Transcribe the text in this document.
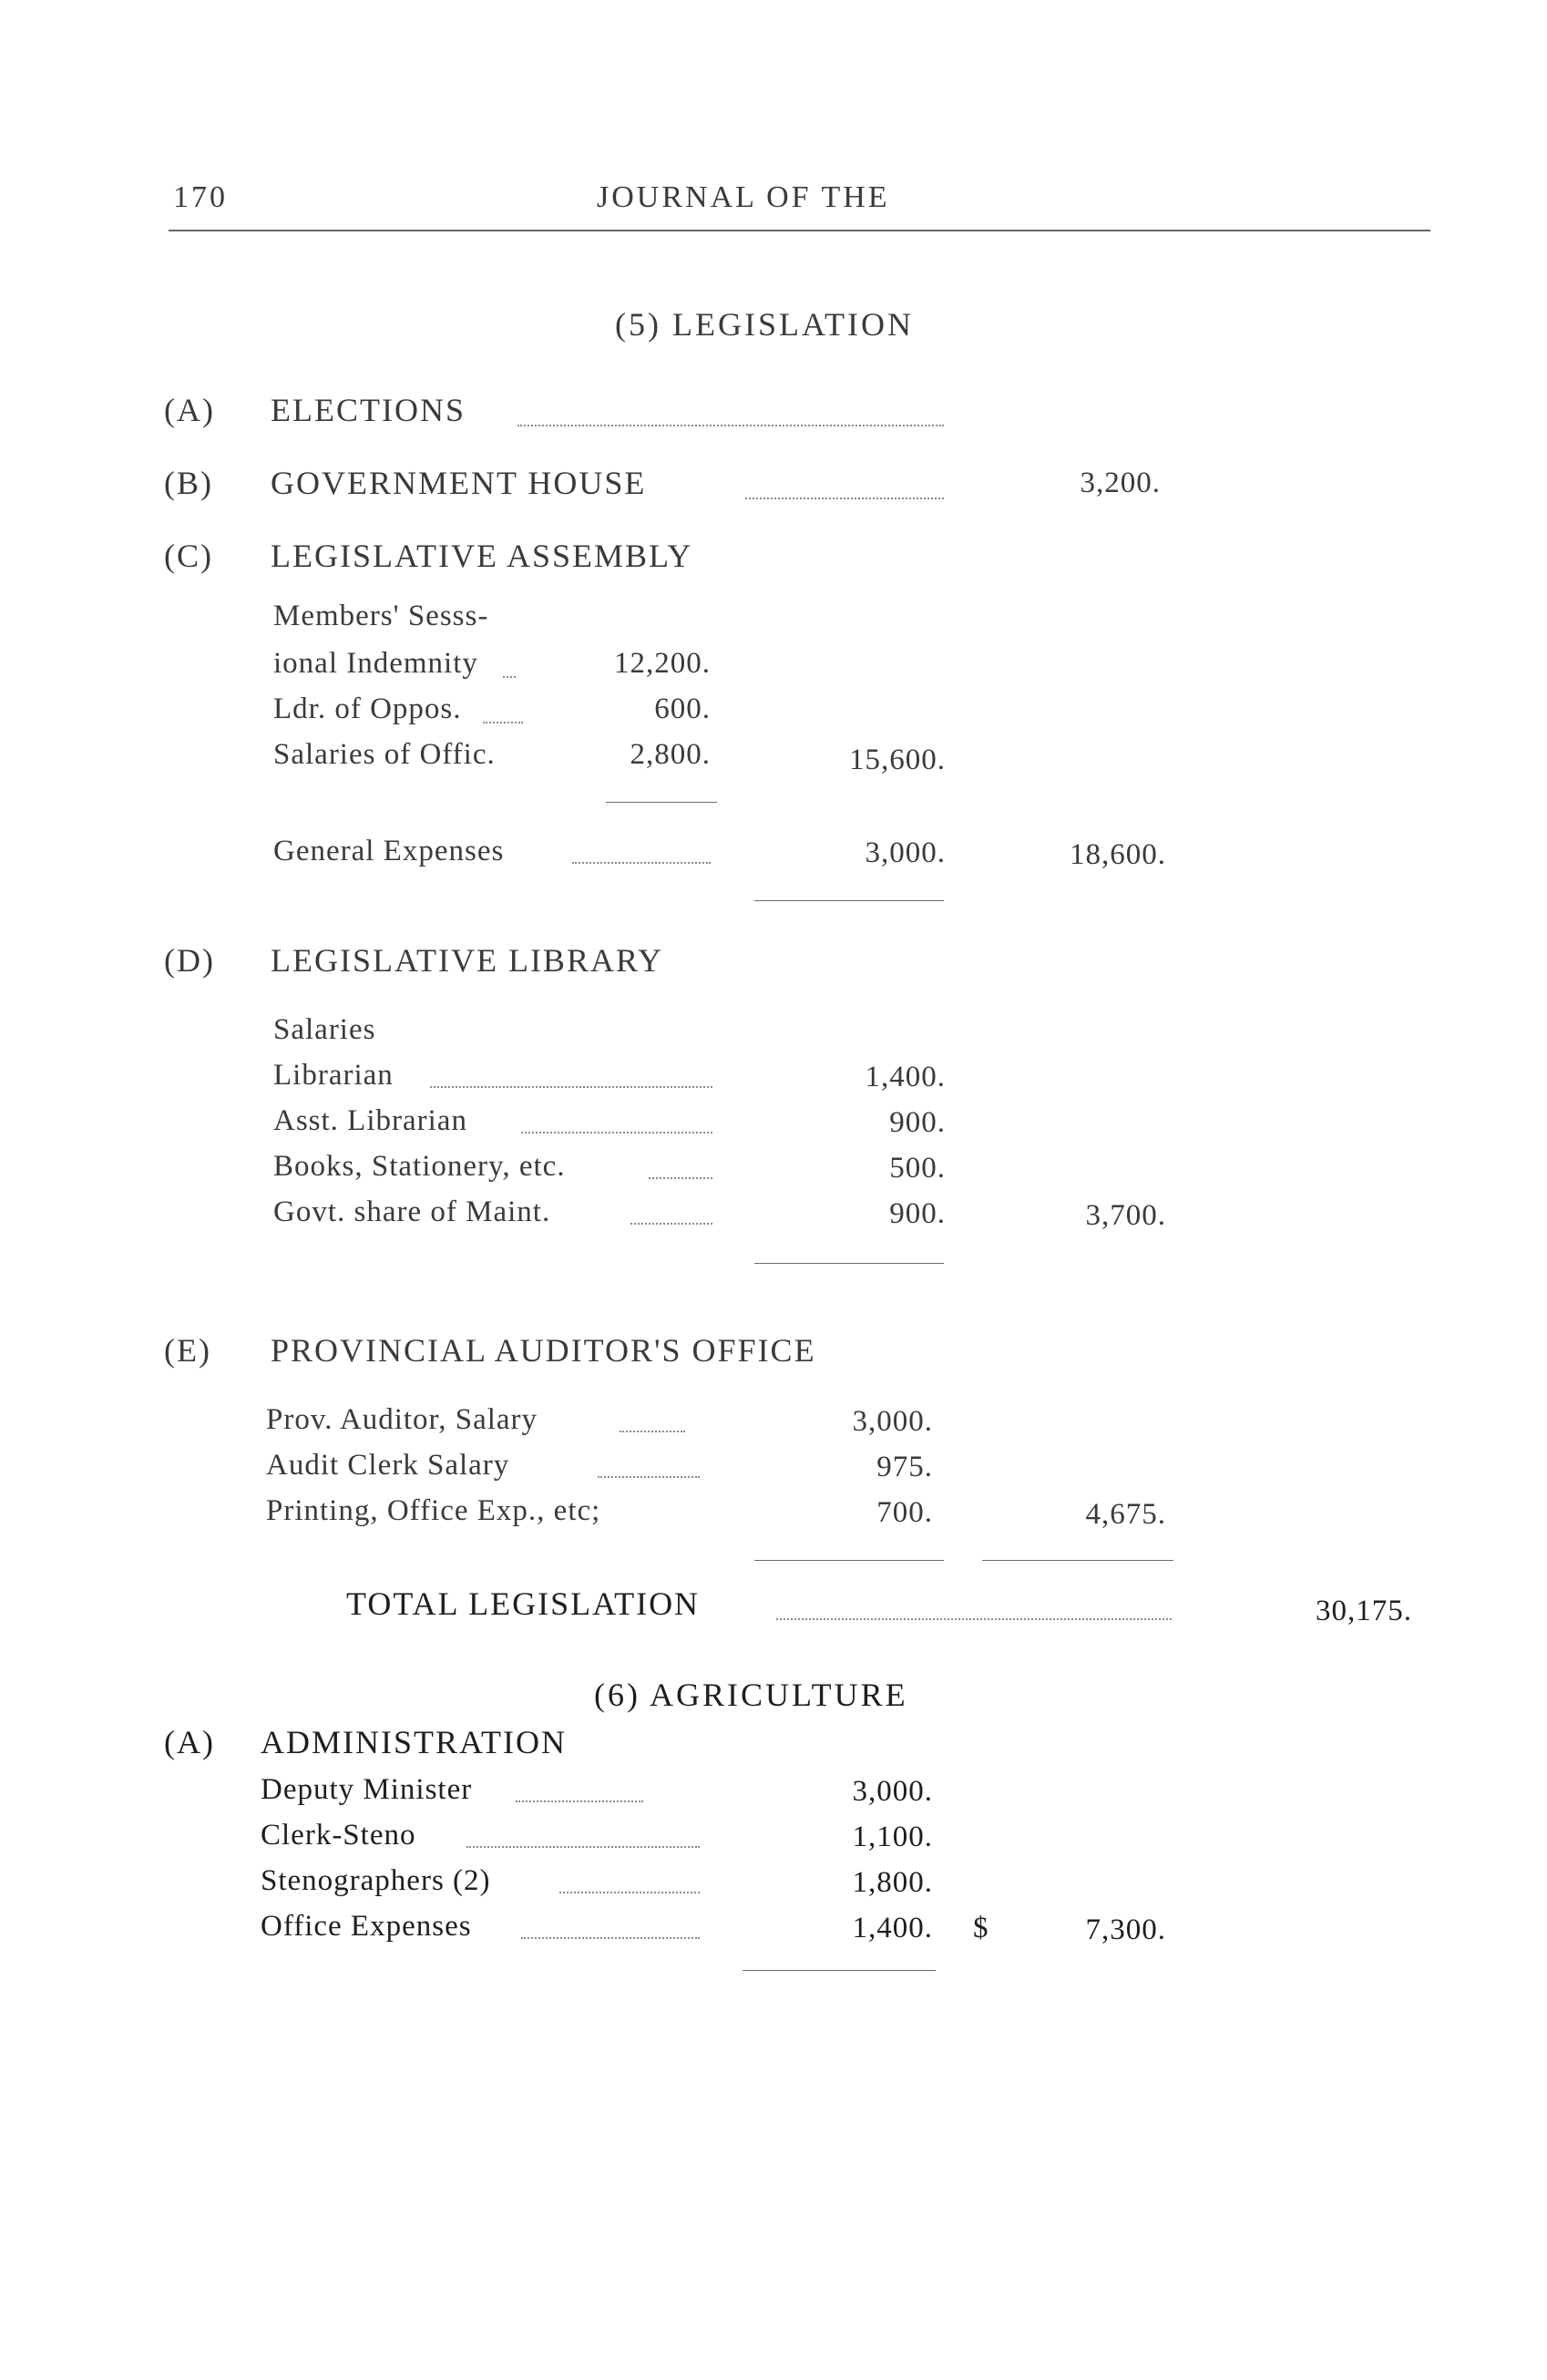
170	JOURNAL OF THE
(5) LEGISLATION
(A) ELECTIONS
(B) GOVERNMENT HOUSE	3,200.
(C) LEGISLATIVE ASSEMBLY
Members' Sesss-
ional Indemnity	12,200.
Ldr. of Oppos.	600.
Salaries of Offic.	2,800.	15,600.
General Expenses	3,000.	18,600.
(D) LEGISLATIVE LIBRARY
Salaries
Librarian	1,400.
Asst. Librarian	900.
Books, Stationery, etc.	500.
Govt. share of Maint.	900.	3,700.
(E) PROVINCIAL AUDITOR'S OFFICE
Prov. Auditor, Salary	3,000.
Audit Clerk Salary	975.
Printing, Office Exp., etc;	700.	4,675.
TOTAL LEGISLATION	30,175.
(6) AGRICULTURE
(A) ADMINISTRATION
Deputy Minister	3,000.
Clerk-Steno	1,100.
Stenographers (2)	1,800.
Office Expenses	1,400. $	7,300.
